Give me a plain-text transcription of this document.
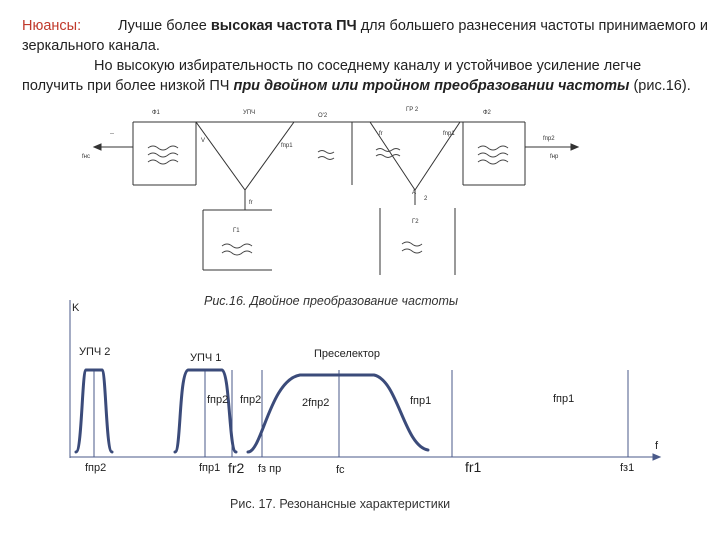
Нюансы:	Лучше более высокая частота ПЧ для большего разнесения частоты принимаемого и
зеркального канала.
Но высокую избирательность по соседнему каналу и устойчивое усиление легче
получить при более низкой ПЧ при двойном или тройном преобразовании частоты (рис.16).
Ф1	УПЧ	О'2
ГР 2	Ф2
--
fнс
V
fпр1
fr	fnp1
fпр2
fнр
fr
A
2
Г1
Г2
Рис.16. Двойное преобразование частоты
K
УПЧ 2	УПЧ 1	Преселектор
fпр2 fпр2	2fпр2	fпр1	fпр1
f
fпр2	fпр1 fr2 fз пр	fс	fr1	fз1
Рис. 17. Резонансные характеристики
